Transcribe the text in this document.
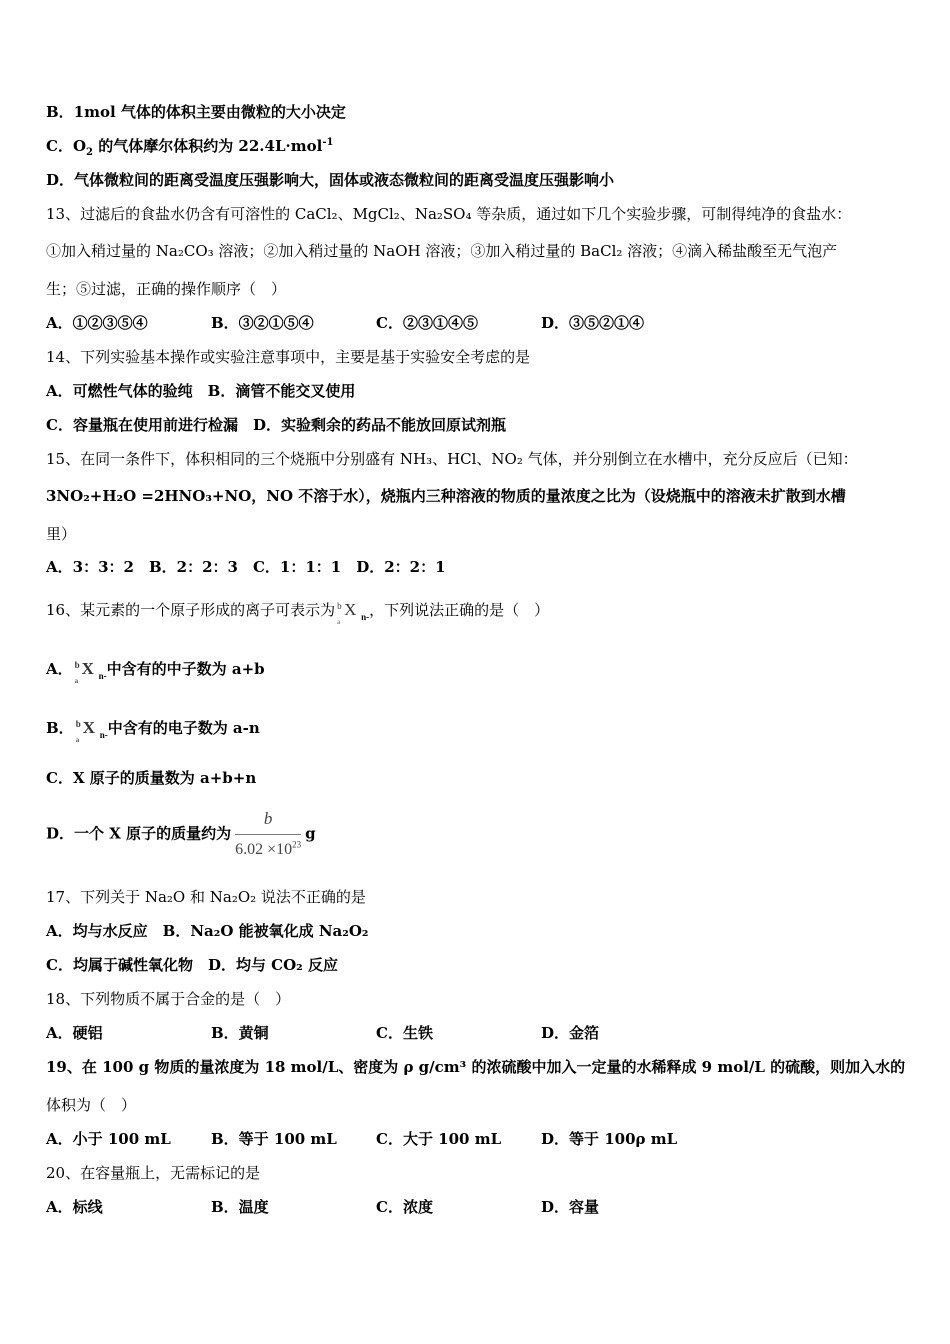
B．1mol 气体的体积主要由微粒的大小决定
C．$O_2$ 的气体摩尔体积约为 22.4L·mol$^{-1}$
D．气体微粒间的距离受温度压强影响大，固体或液态微粒间的距离受温度压强影响小
13、过滤后的食盐水仍含有可溶性的 CaCl₂、MgCl₂、Na₂SO₄ 等杂质，通过如下几个实验步骤，可制得纯净的食盐水：
①加入稍过量的 Na₂CO₃ 溶液；②加入稍过量的 NaOH 溶液；③加入稍过量的 BaCl₂ 溶液；④滴入稀盐酸至无气泡产
生；⑤过滤，正确的操作顺序（　）
A．①②③⑤④	B．③②①⑤④	C．②③①④⑤	D．③⑤②①④
14、下列实验基本操作或实验注意事项中，主要是基于实验安全考虑的是
A．可燃性气体的验纯　B．滴管不能交叉使用
C．容量瓶在使用前进行检漏　D．实验剩余的药品不能放回原试剂瓶
15、在同一条件下，体积相同的三个烧瓶中分别盛有 NH₃、HCl、NO₂ 气体，并分别倒立在水槽中，充分反应后（已知：
3NO₂+H₂O =2HNO₃+NO，NO 不溶于水），烧瓶内三种溶液的物质的量浓度之比为（设烧瓶中的溶液未扩散到水槽
里）
A．3：3：2　B．2：2：3　C．1：1：1　D．2：2：1
16、某元素的一个原子形成的离子可表示为 b
a
X n- ，下列说法正确的是（　）
A． b
a
X n- 中含有的中子数为 a+b
B． b
a
X n- 中含有的电子数为 a-n
C．X 原子的质量数为 a+b+n
D．一个 X 原子的质量约为 $\frac{b}{6.02 \times 10^{23}}$ g
17、下列关于 Na₂O 和 Na₂O₂ 说法不正确的是
A．均与水反应　B．Na₂O 能被氧化成 Na₂O₂
C．均属于碱性氧化物　D．均与 CO₂ 反应
18、下列物质不属于合金的是（　）
A．硬铝	B．黄铜	C．生铁	D．金箔
19、在 100 g 物质的量浓度为 18 mol/L、密度为 ρ g/cm³ 的浓硫酸中加入一定量的水稀释成 9 mol/L 的硫酸，则加入水的
体积为（　）
A．小于 100 mL	B．等于 100 mL	C．大于 100 mL	D．等于 100ρ mL
20、在容量瓶上，无需标记的是
A．标线	B．温度	C．浓度	D．容量
